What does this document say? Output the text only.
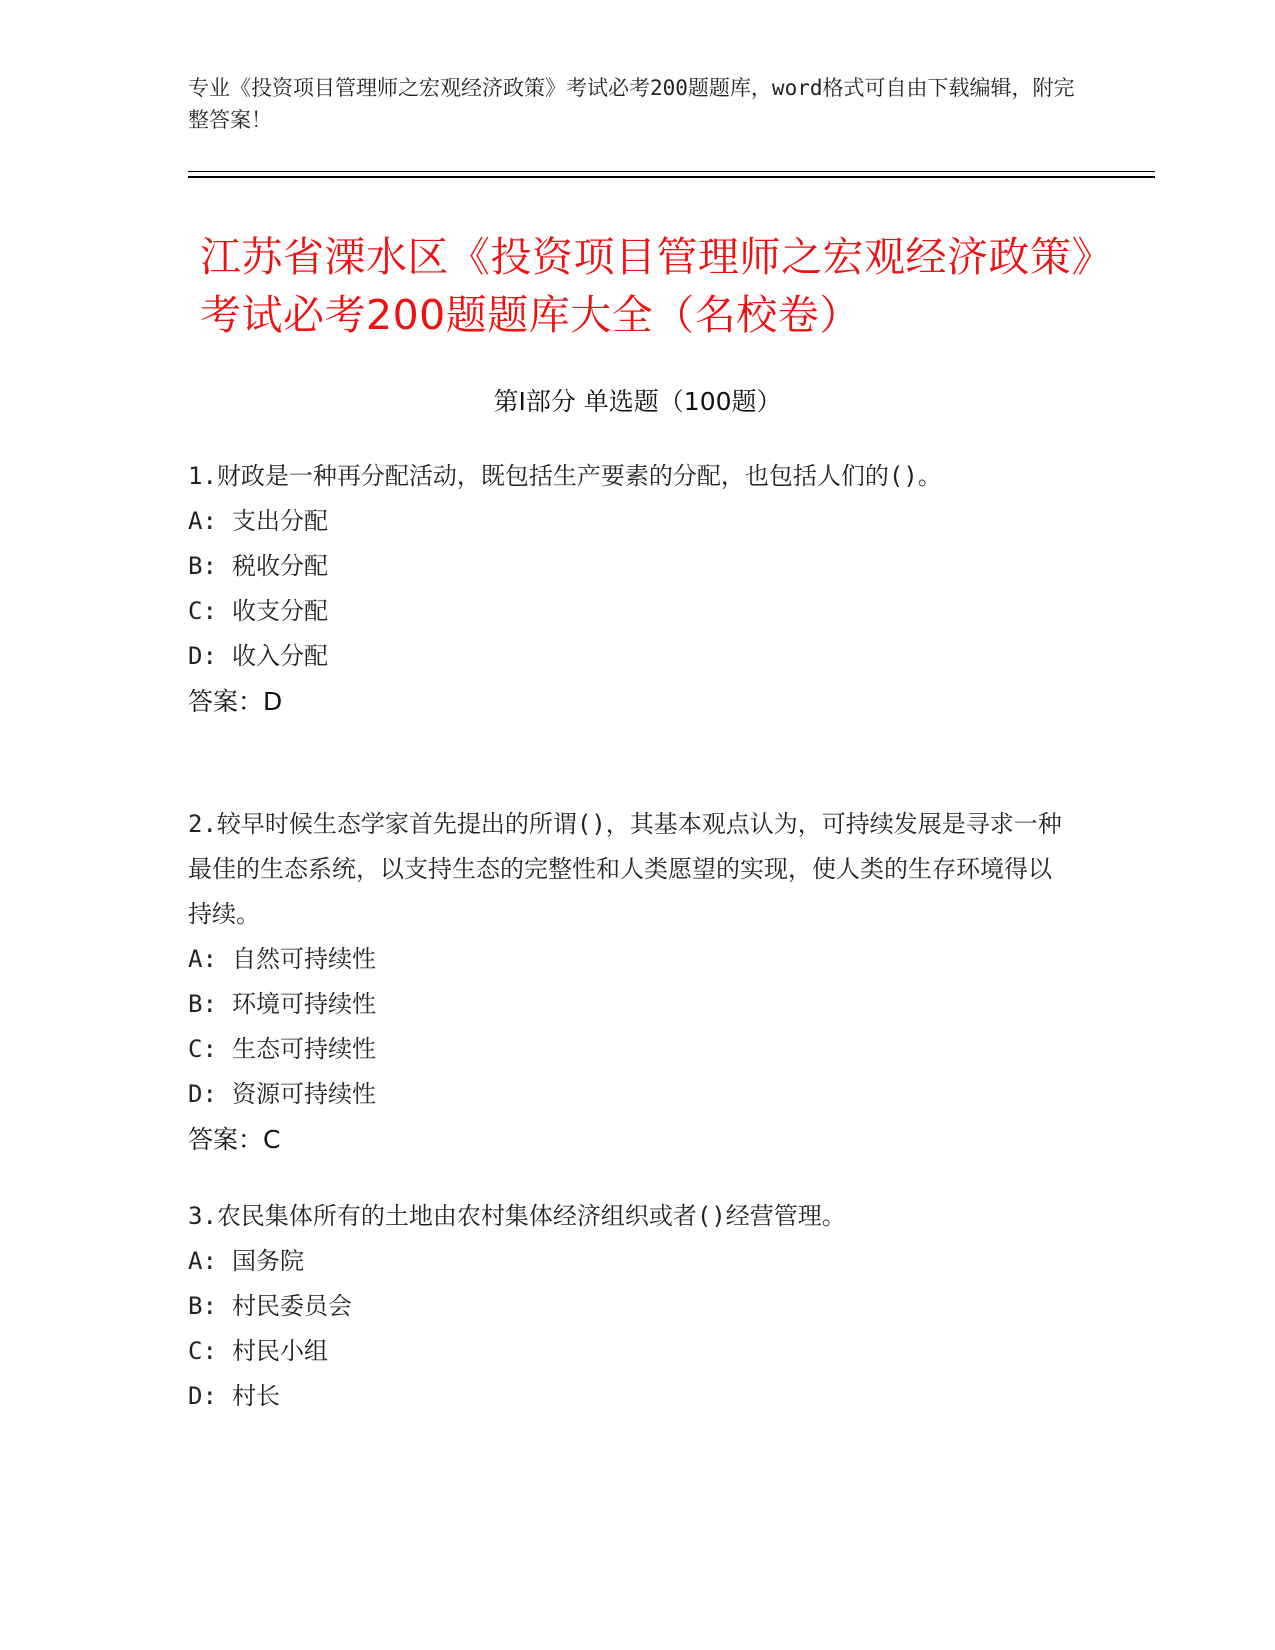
专业《投资项目管理师之宏观经济政策》考试必考200题题库，word格式可自由下载编辑，附完整答案！
江苏省溧水区《投资项目管理师之宏观经济政策》考试必考200题题库大全（名校卷）
第Ⅰ部分 单选题（100题）
1.财政是一种再分配活动，既包括生产要素的分配，也包括人们的()。
A: 支出分配
B: 税收分配
C: 收支分配
D: 收入分配
答案：D
2.较早时候生态学家首先提出的所谓()，其基本观点认为，可持续发展是寻求一种最佳的生态系统，以支持生态的完整性和人类愿望的实现，使人类的生存环境得以持续。
A: 自然可持续性
B: 环境可持续性
C: 生态可持续性
D: 资源可持续性
答案：C
3.农民集体所有的土地由农村集体经济组织或者()经营管理。
A: 国务院
B: 村民委员会
C: 村民小组
D: 村长
